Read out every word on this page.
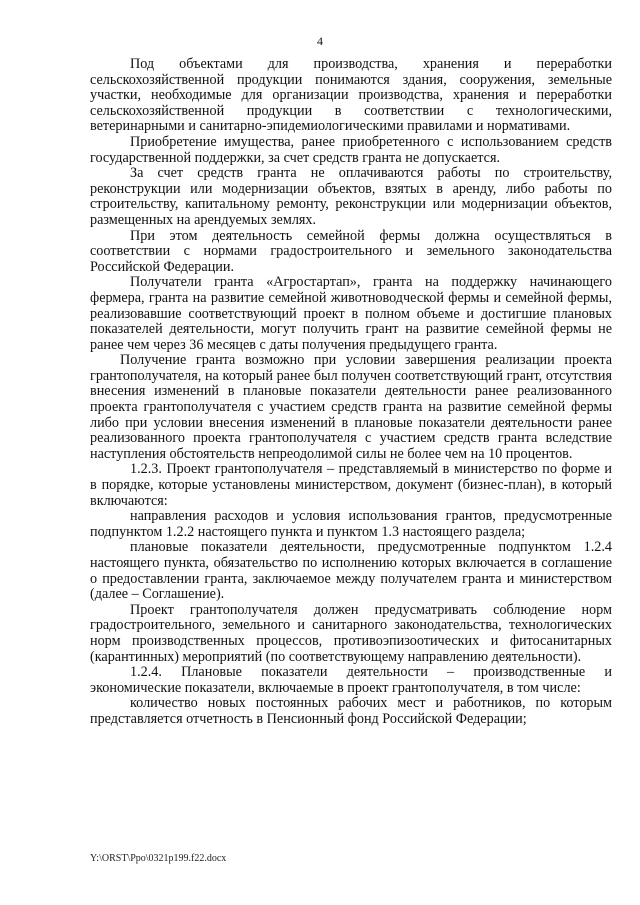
4

Под объектами для производства, хранения и переработки сельскохозяйственной продукции понимаются здания, сооружения, земельные участки, необходимые для организации производства, хранения и переработки сельскохозяйственной продукции в соответствии с технологическими, ветеринарными и санитарно-эпидемиологическими правилами и нормативами.

Приобретение имущества, ранее приобретенного с использованием средств государственной поддержки, за счет средств гранта не допускается.

За счет средств гранта не оплачиваются работы по строительству, реконструкции или модернизации объектов, взятых в аренду, либо работы по строительству, капитальному ремонту, реконструкции или модернизации объектов, размещенных на арендуемых землях.

При этом деятельность семейной фермы должна осуществляться в соответствии с нормами градостроительного и земельного законодательства Российской Федерации.

Получатели гранта «Агростартап», гранта на поддержку начинающего фермера, гранта на развитие семейной животноводческой фермы и семейной фермы, реализовавшие соответствующий проект в полном объеме и достигшие плановых показателей деятельности, могут получить грант на развитие семейной фермы не ранее чем через 36 месяцев с даты получения предыдущего гранта.

Получение гранта возможно при условии завершения реализации проекта грантополучателя, на который ранее был получен соответствующий грант, отсутствия внесения изменений в плановые показатели деятельности ранее реализованного проекта грантополучателя с участием средств гранта на развитие семейной фермы либо при условии внесения изменений в плановые показатели деятельности ранее реализованного проекта грантополучателя с участием средств гранта вследствие наступления обстоятельств непреодолимой силы не более чем на 10 процентов.

1.2.3. Проект грантополучателя – представляемый в министерство по форме и в порядке, которые установлены министерством, документ (бизнес-план), в который включаются:

направления расходов и условия использования грантов, предусмотренные подпунктом 1.2.2 настоящего пункта и пунктом 1.3 настоящего раздела;

плановые показатели деятельности, предусмотренные подпунктом 1.2.4 настоящего пункта, обязательство по исполнению которых включается в соглашение о предоставлении гранта, заключаемое между получателем гранта и министерством (далее – Соглашение).

Проект грантополучателя должен предусматривать соблюдение норм градостроительного, земельного и санитарного законодательства, технологических норм производственных процессов, противоэпизоотических и фитосанитарных (карантинных) мероприятий (по соответствующему направлению деятельности).

1.2.4. Плановые показатели деятельности – производственные и экономические показатели, включаемые в проект грантополучателя, в том числе:

количество новых постоянных рабочих мест и работников, по которым представляется отчетность в Пенсионный фонд Российской Федерации;

Y:\ORST\Ppo\0321p199.f22.docx
